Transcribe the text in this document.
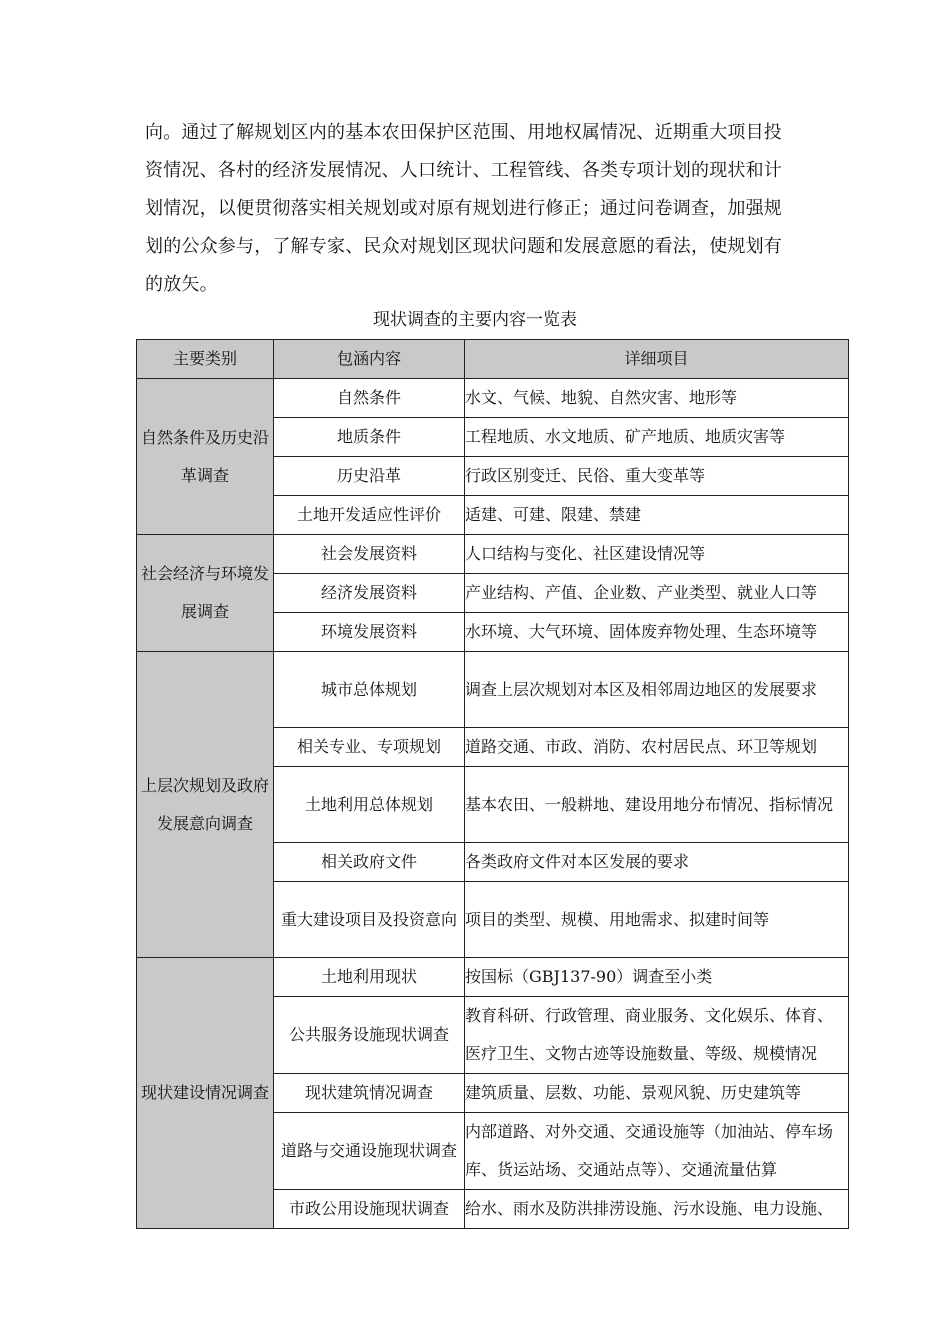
向。通过了解规划区内的基本农田保护区范围、用地权属情况、近期重大项目投
资情况、各村的经济发展情况、人口统计、工程管线、各类专项计划的现状和计
划情况，以便贯彻落实相关规划或对原有规划进行修正；通过问卷调查，加强规
划的公众参与，了解专家、民众对规划区现状问题和发展意愿的看法，使规划有
的放矢。
现状调查的主要内容一览表
主要类别	包涵内容	详细项目
自然条件及历史沿革调查	自然条件	水文、气候、地貌、自然灾害、地形等
	地质条件	工程地质、水文地质、矿产地质、地质灾害等
	历史沿革	行政区别变迁、民俗、重大变革等
	土地开发适应性评价	适建、可建、限建、禁建
社会经济与环境发展调查	社会发展资料	人口结构与变化、社区建设情况等
	经济发展资料	产业结构、产值、企业数、产业类型、就业人口等
	环境发展资料	水环境、大气环境、固体废弃物处理、生态环境等
上层次规划及政府发展意向调查	城市总体规划	调查上层次规划对本区及相邻周边地区的发展要求
	相关专业、专项规划	道路交通、市政、消防、农村居民点、环卫等规划
	土地利用总体规划	基本农田、一般耕地、建设用地分布情况、指标情况
	相关政府文件	各类政府文件对本区发展的要求
	重大建设项目及投资意向	项目的类型、规模、用地需求、拟建时间等
现状建设情况调查	土地利用现状	按国标（GBJ137-90）调查至小类
	公共服务设施现状调查	教育科研、行政管理、商业服务、文化娱乐、体育、医疗卫生、文物古迹等设施数量、等级、规模情况
	现状建筑情况调查	建筑质量、层数、功能、景观风貌、历史建筑等
	道路与交通设施现状调查	内部道路、对外交通、交通设施等（加油站、停车场库、货运站场、交通站点等）、交通流量估算
	市政公用设施现状调查	给水、雨水及防洪排涝设施、污水设施、电力设施、
